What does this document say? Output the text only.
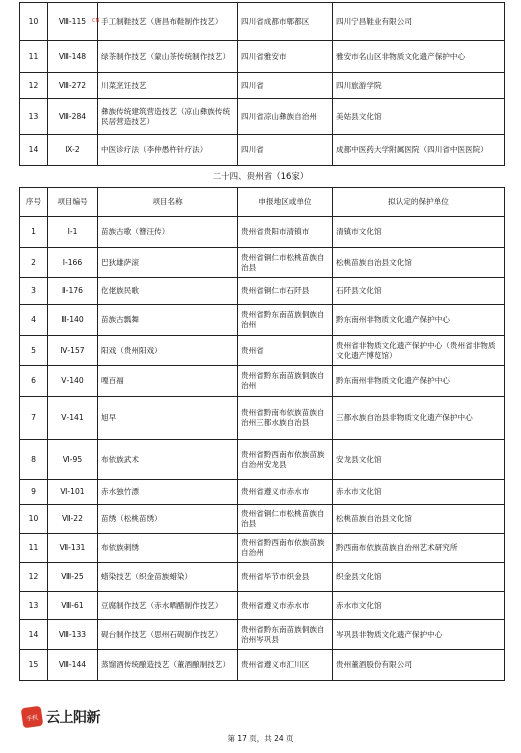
10	Ⅷ-115	手工制鞋技艺（唐昌布鞋制作技艺）	四川省成都市郫都区	四川宁昌鞋业有限公司
11	Ⅷ-148	绿茶制作技艺（蒙山茶传统制作技艺）	四川省雅安市	雅安市名山区非物质文化遗产保护中心
12	Ⅷ-272	川菜烹饪技艺	四川省	四川旅游学院
13	Ⅷ-284	彝族传统建筑营造技艺（凉山彝族传统民居营造技艺）	四川省凉山彝族自治州	美姑县文化馆
14	Ⅸ-2	中医诊疗法（李仲愚杵针疗法）	四川省	成都中医药大学附属医院（四川省中医医院）
二十四、贵州省（16家）
序号	项目编号	项目名称	申报地区或单位	拟认定的保护单位
1	Ⅰ-1	苗族古歌（簪汪传）	贵州省贵阳市清镇市	清镇市文化馆
2	Ⅰ-166	巴狄雄萨滚	贵州省铜仁市松桃苗族自治县	松桃苗族自治县文化馆
3	Ⅱ-176	仡佬族民歌	贵州省铜仁市石阡县	石阡县文化馆
4	Ⅲ-140	苗族古瓢舞	贵州省黔东南苗族侗族自治州	黔东南州非物质文化遗产保护中心
5	Ⅳ-157	阳戏（贵州阳戏）	贵州省	贵州省非物质文化遗产保护中心（贵州省非物质文化遗产博览馆）
6	Ⅴ-140	嘎百福	贵州省黔东南苗族侗族自治州	黔东南州非物质文化遗产保护中心
7	Ⅴ-141	旭早	贵州省黔南布依族苗族自治州三都水族自治县	三都水族自治县非物质文化遗产保护中心
8	Ⅵ-95	布依族武术	贵州省黔西南布依族苗族自治州安龙县	安龙县文化馆
9	Ⅵ-101	赤水独竹漂	贵州省遵义市赤水市	赤水市文化馆
10	Ⅶ-22	苗绣（松桃苗绣）	贵州省铜仁市松桃苗族自治县	松桃苗族自治县文化馆
11	Ⅶ-131	布依族刺绣	贵州省黔西南布依族苗族自治州	黔西南布依族苗族自治州艺术研究所
12	Ⅷ-25	蜡染技艺（织金苗族蜡染）	贵州省毕节市织金县	织金县文化馆
13	Ⅷ-61	豆腐制作技艺（赤水晒醋制作技艺）	贵州省遵义市赤水市	赤水市文化馆
14	Ⅷ-133	砚台制作技艺（思州石砚制作技艺）	贵州省黔东南苗族侗族自治州岑巩县	岑巩县非物质文化遗产保护中心
15	Ⅷ-144	蒸馏酒传统酿造技艺（董酒酿制技艺）	贵州省遵义市汇川区	贵州董酒股份有限公司
手机 云上阳新
CN
第 17 页，共 24 页
